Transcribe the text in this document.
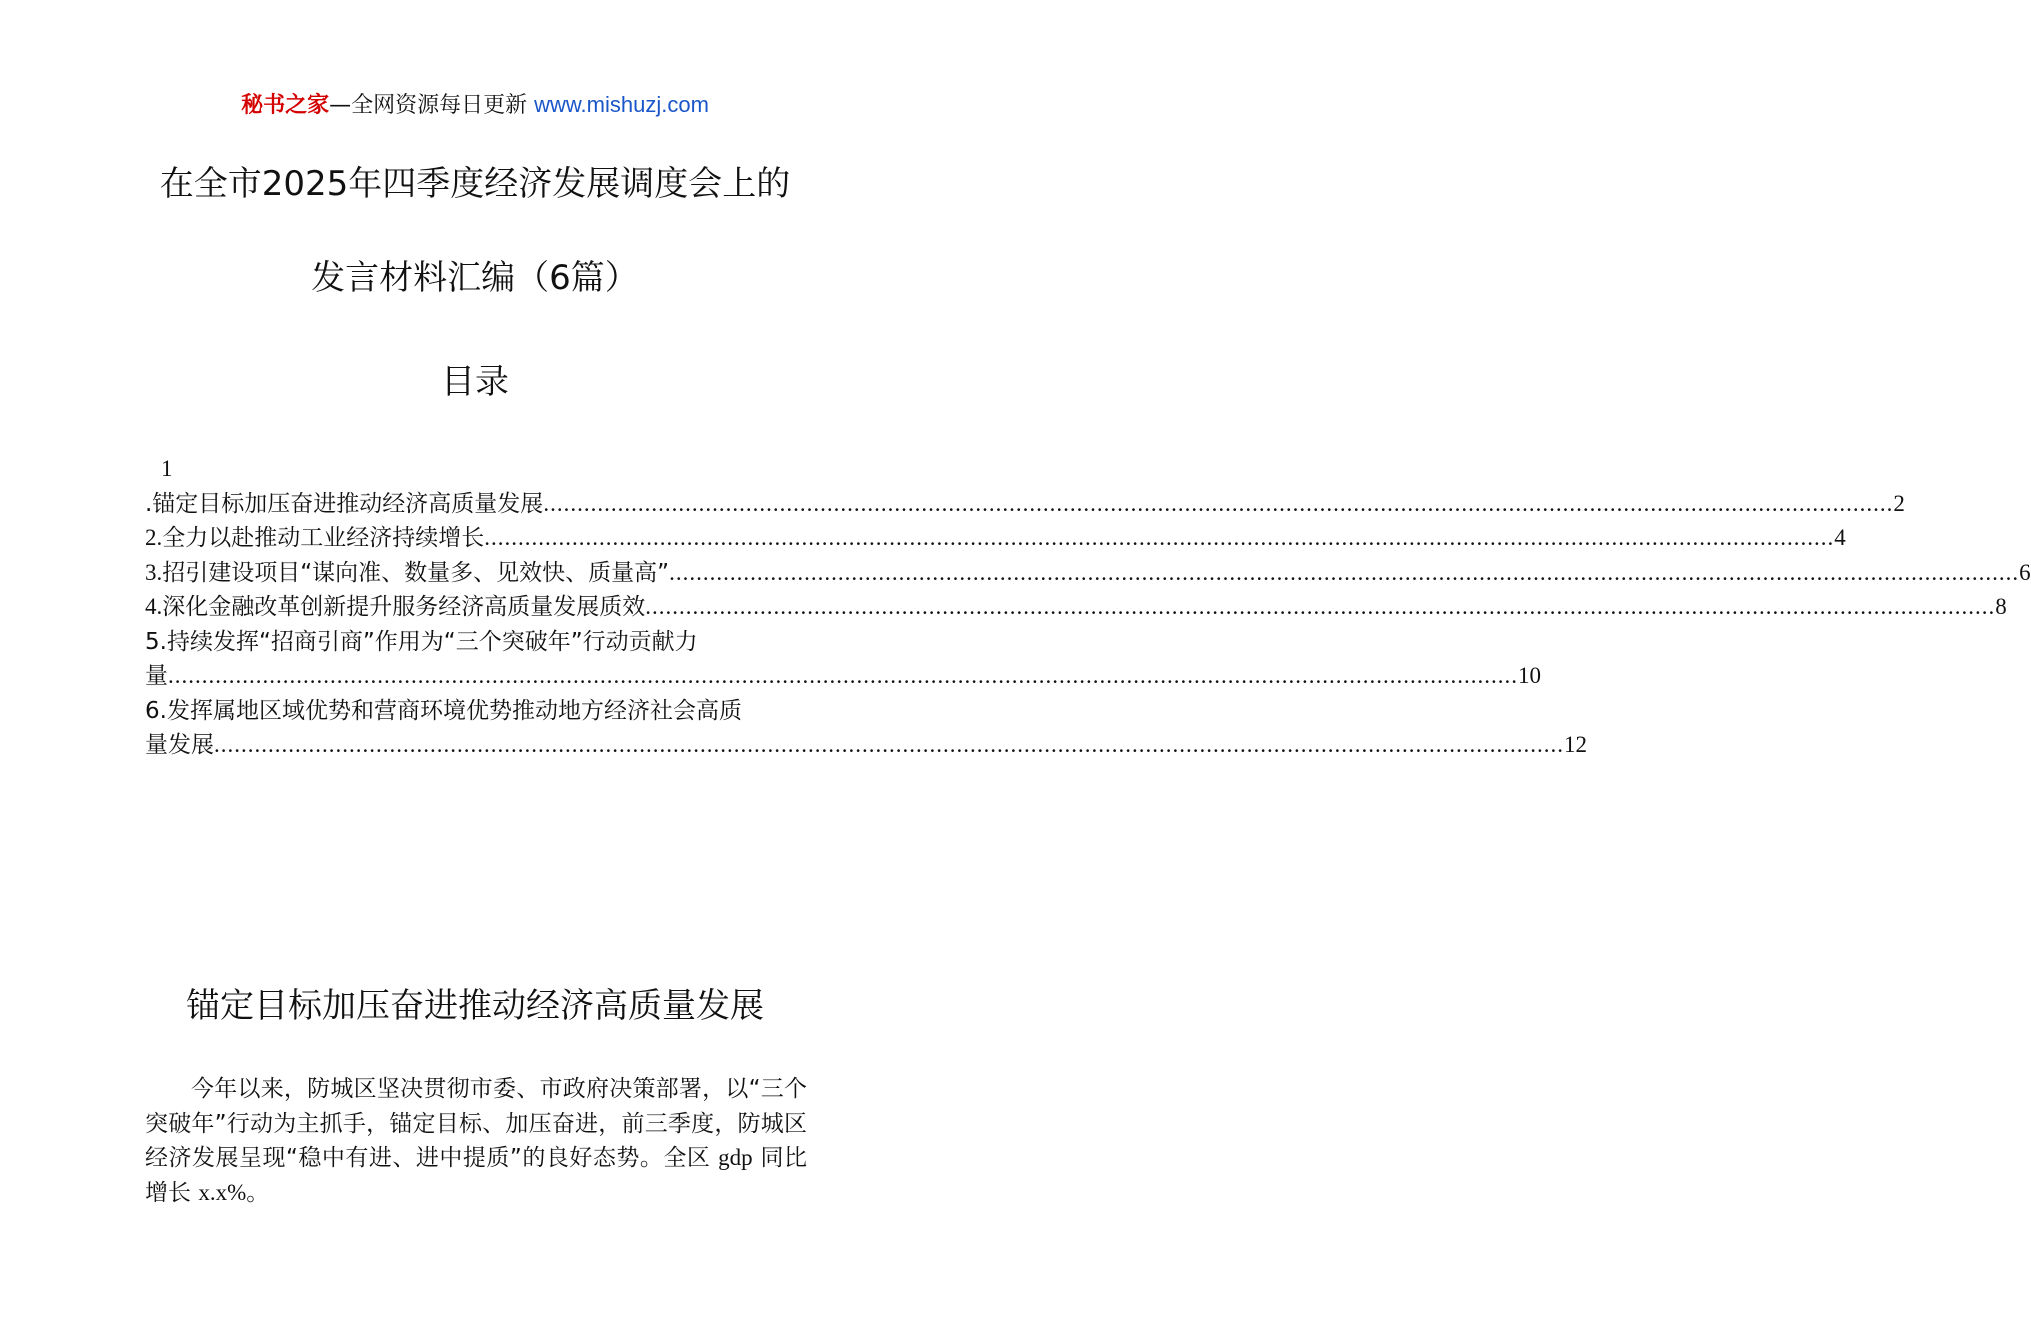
秘书之家—全网资源每日更新 www.mishuzj.com
在全市2025年四季度经济发展调度会上的
发言材料汇编（6篇）
目录
1
.锚定目标加压奋进推动经济高质量发展 ........................................................................................................................................................................................................ 2
2.全力以赴推动工业经济持续增长 ........................................................................................................................................................................................................ 4
3.招引建设项目“谋向准、数量多、见效快、质量高” ........................................................................................................................................................................................................ 6
4.深化金融改革创新提升服务经济高质量发展质效 ........................................................................................................................................................................................................ 8
5.持续发挥“招商引商”作用为“三个突破年”行动贡献力
量 ........................................................................................................................................................................................................ 10
6.发挥属地区域优势和营商环境优势推动地方经济社会高质
量发展 ........................................................................................................................................................................................................ 12
锚定目标加压奋进推动经济高质量发展
今年以来，防城区坚决贯彻市委、市政府决策部署，以“三个突破年”行动为主抓手，锚定目标、加压奋进，前三季度，防城区经济发展呈现“稳中有进、进中提质”的良好态势。全区 gdp 同比增长 x.x%。
